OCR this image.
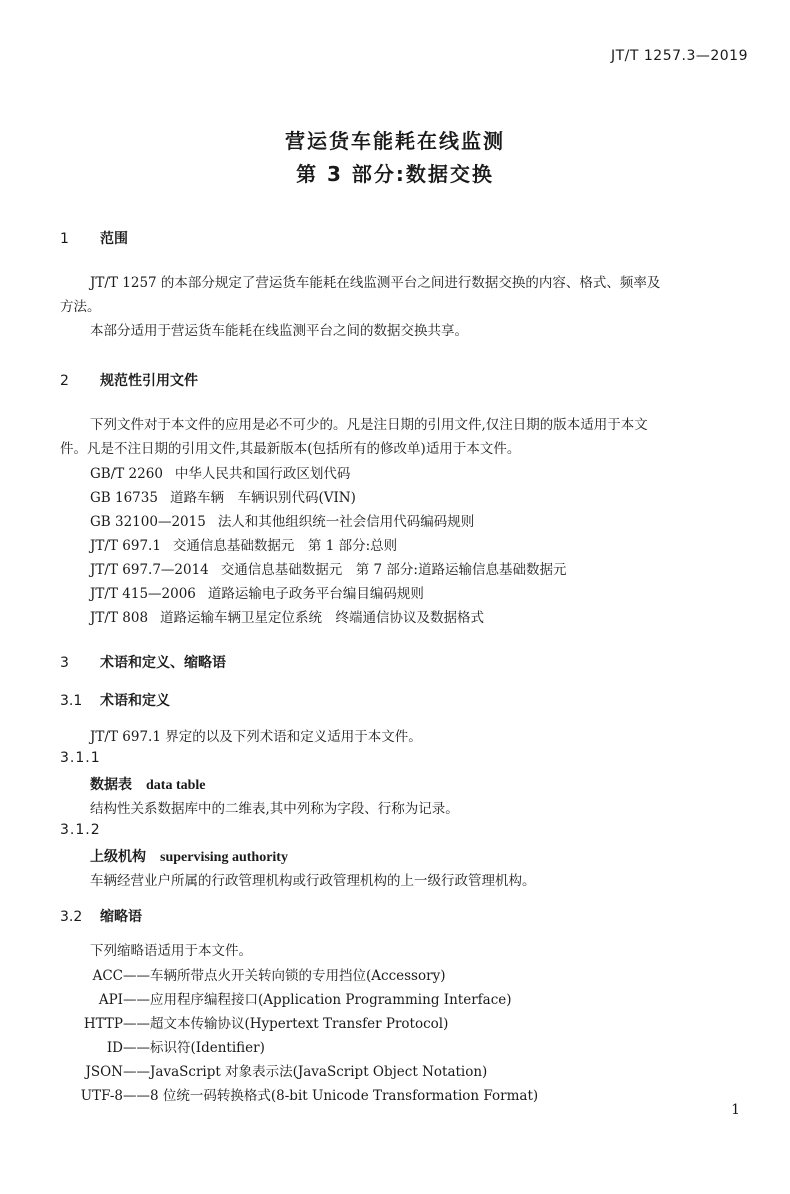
JT/T 1257.3—2019
营运货车能耗在线监测
第 3 部分:数据交换
1 范围
JT/T 1257 的本部分规定了营运货车能耗在线监测平台之间进行数据交换的内容、格式、频率及
方法。
本部分适用于营运货车能耗在线监测平台之间的数据交换共享。
2 规范性引用文件
下列文件对于本文件的应用是必不可少的。凡是注日期的引用文件,仅注日期的版本适用于本文
件。凡是不注日期的引用文件,其最新版本(包括所有的修改单)适用于本文件。
GB/T 2260 中华人民共和国行政区划代码
GB 16735 道路车辆　车辆识别代码(VIN)
GB 32100—2015 法人和其他组织统一社会信用代码编码规则
JT/T 697.1 交通信息基础数据元　第 1 部分:总则
JT/T 697.7—2014 交通信息基础数据元　第 7 部分:道路运输信息基础数据元
JT/T 415—2006 道路运输电子政务平台编目编码规则
JT/T 808 道路运输车辆卫星定位系统　终端通信协议及数据格式
3 术语和定义、缩略语
3.1 术语和定义
JT/T 697.1 界定的以及下列术语和定义适用于本文件。
3.1.1
数据表 data table
结构性关系数据库中的二维表,其中列称为字段、行称为记录。
3.1.2
上级机构 supervising authority
车辆经营业户所属的行政管理机构或行政管理机构的上一级行政管理机构。
3.2 缩略语
下列缩略语适用于本文件。
ACC——车辆所带点火开关转向锁的专用挡位(Accessory)
API——应用程序编程接口(Application Programming Interface)
HTTP——超文本传输协议(Hypertext Transfer Protocol)
ID——标识符(Identifier)
JSON——JavaScript 对象表示法(JavaScript Object Notation)
UTF-8——8 位统一码转换格式(8-bit Unicode Transformation Format)
1
